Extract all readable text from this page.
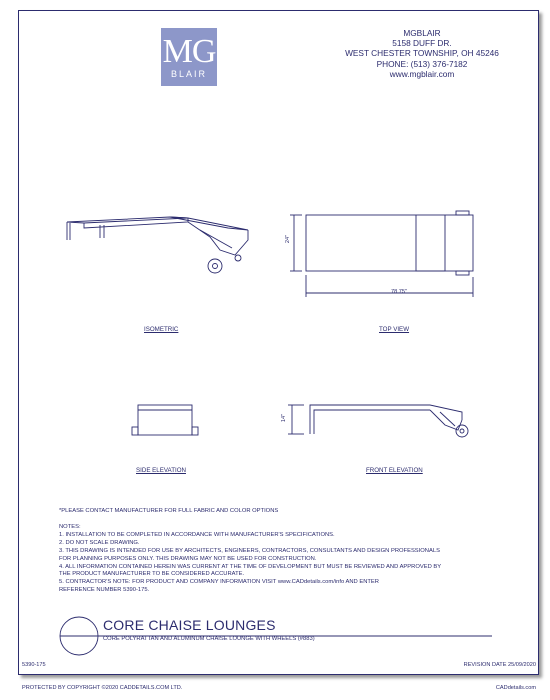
MG
BLAIR
MGBLAIR
5158 DUFF DR.
WEST CHESTER TOWNSHIP, OH 45246
PHONE: (513) 376-7182
www.mgblair.com
24"
78.75"
ISOMETRIC	TOP VIEW
14"
SIDE ELEVATION	FRONT ELEVATION
*PLEASE CONTACT MANUFACTURER FOR FULL FABRIC AND COLOR OPTIONS
NOTES:
1. INSTALLATION TO BE COMPLETED IN ACCORDANCE WITH MANUFACTURER'S SPECIFICATIONS.
2. DO NOT SCALE DRAWING.
3. THIS DRAWING IS INTENDED FOR USE BY ARCHITECTS, ENGINEERS, CONTRACTORS, CONSULTANTS AND DESIGN PROFESSIONALS
FOR PLANNING PURPOSES ONLY. THIS DRAWING MAY NOT BE USED FOR CONSTRUCTION.
4. ALL INFORMATION CONTAINED HEREIN WAS CURRENT AT THE TIME OF DEVELOPMENT BUT MUST BE REVIEWED AND APPROVED BY
THE PRODUCT MANUFACTURER TO BE CONSIDERED ACCURATE.
5. CONTRACTOR'S NOTE: FOR PRODUCT AND COMPANY INFORMATION VISIT www.CADdetails.com/info AND ENTER
REFERENCE NUMBER 5390-175.
CORE CHAISE LOUNGES
CORE POLYRATTAN AND ALUMINUM CHAISE LOUNGE WITH WHEELS (#883)
5390-175	REVISION DATE 25/09/2020
PROTECTED BY COPYRIGHT ©2020 CADDETAILS.COM LTD.	CADdetails.com
